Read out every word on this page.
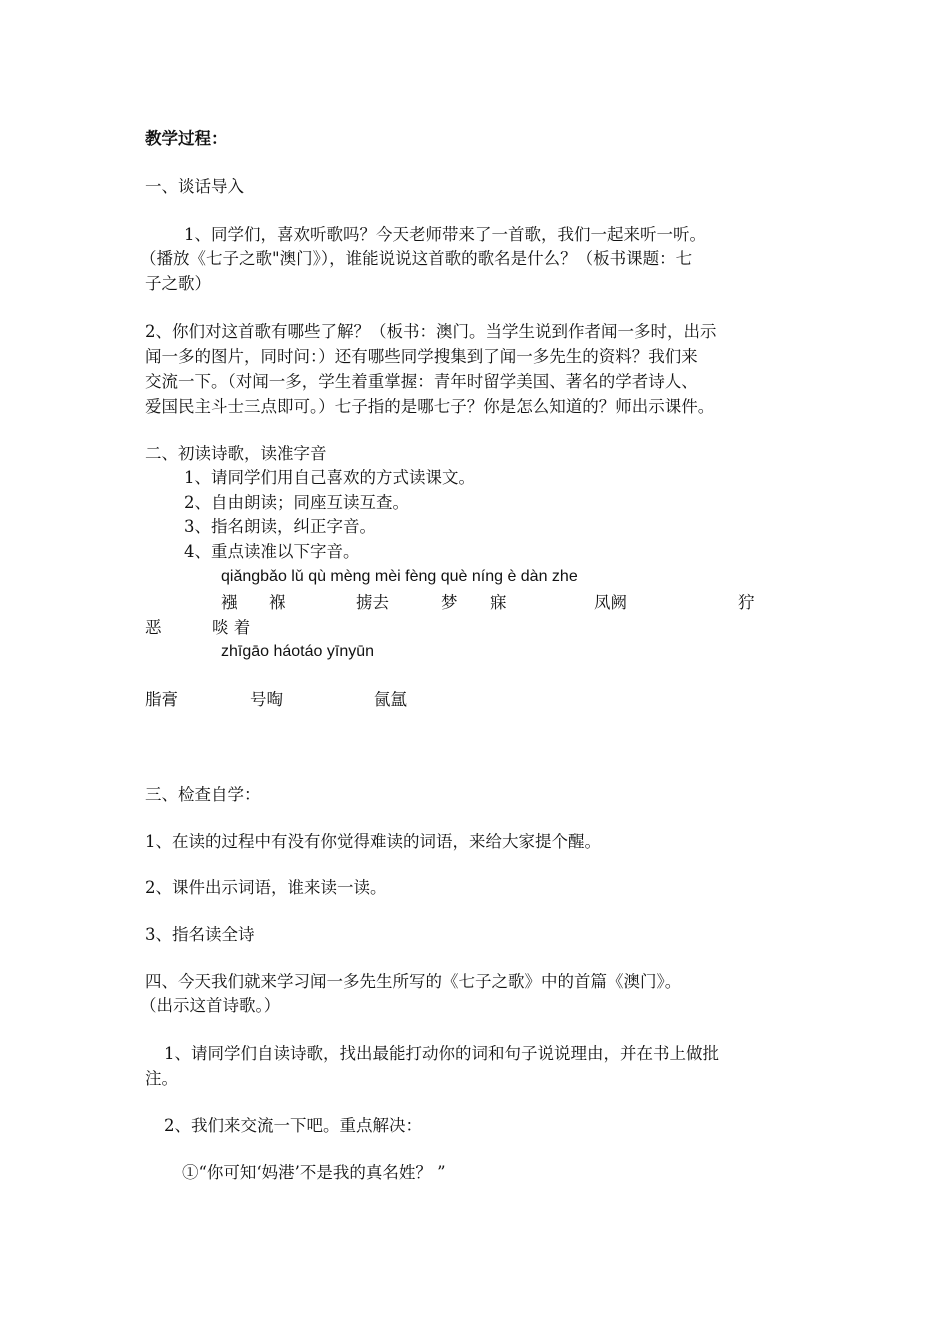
教学过程：
一、谈话导入
1、同学们，喜欢听歌吗？今天老师带来了一首歌，我们一起来听一听。
（播放《七子之歌"澳门》），谁能说说这首歌的歌名是什么？（板书课题：七
子之歌）
2、你们对这首歌有哪些了解？（板书：澳门。当学生说到作者闻一多时，出示
闻一多的图片，同时问：）还有哪些同学搜集到了闻一多先生的资料？我们来
交流一下。（对闻一多，学生着重掌握：青年时留学美国、著名的学者诗人、
爱国民主斗士三点即可。）七子指的是哪七子？你是怎么知道的？师出示课件。
二、初读诗歌，读准字音
1、请同学们用自己喜欢的方式读课文。
2、自由朗读；同座互读互查。
3、指名朗读，纠正字音。
4、重点读准以下字音。
qiǎngbǎo lǔ qù mèng mèi fèng què níng è dàn zhe
襁 褓	掳去	梦 寐	凤阙	狞
恶	啖 着
zhīgāo háotáo yīnyūn
脂膏	号啕	氤氲
三、检查自学：
1、在读的过程中有没有你觉得难读的词语，来给大家提个醒。
2、课件出示词语，谁来读一读。
3、指名读全诗
四、今天我们就来学习闻一多先生所写的《七子之歌》中的首篇《澳门》。
（出示这首诗歌。）
1、请同学们自读诗歌，找出最能打动你的词和句子说说理由，并在书上做批
注。
2、我们来交流一下吧。重点解决：
①“你可知‘妈港’不是我的真名姓？ ”
